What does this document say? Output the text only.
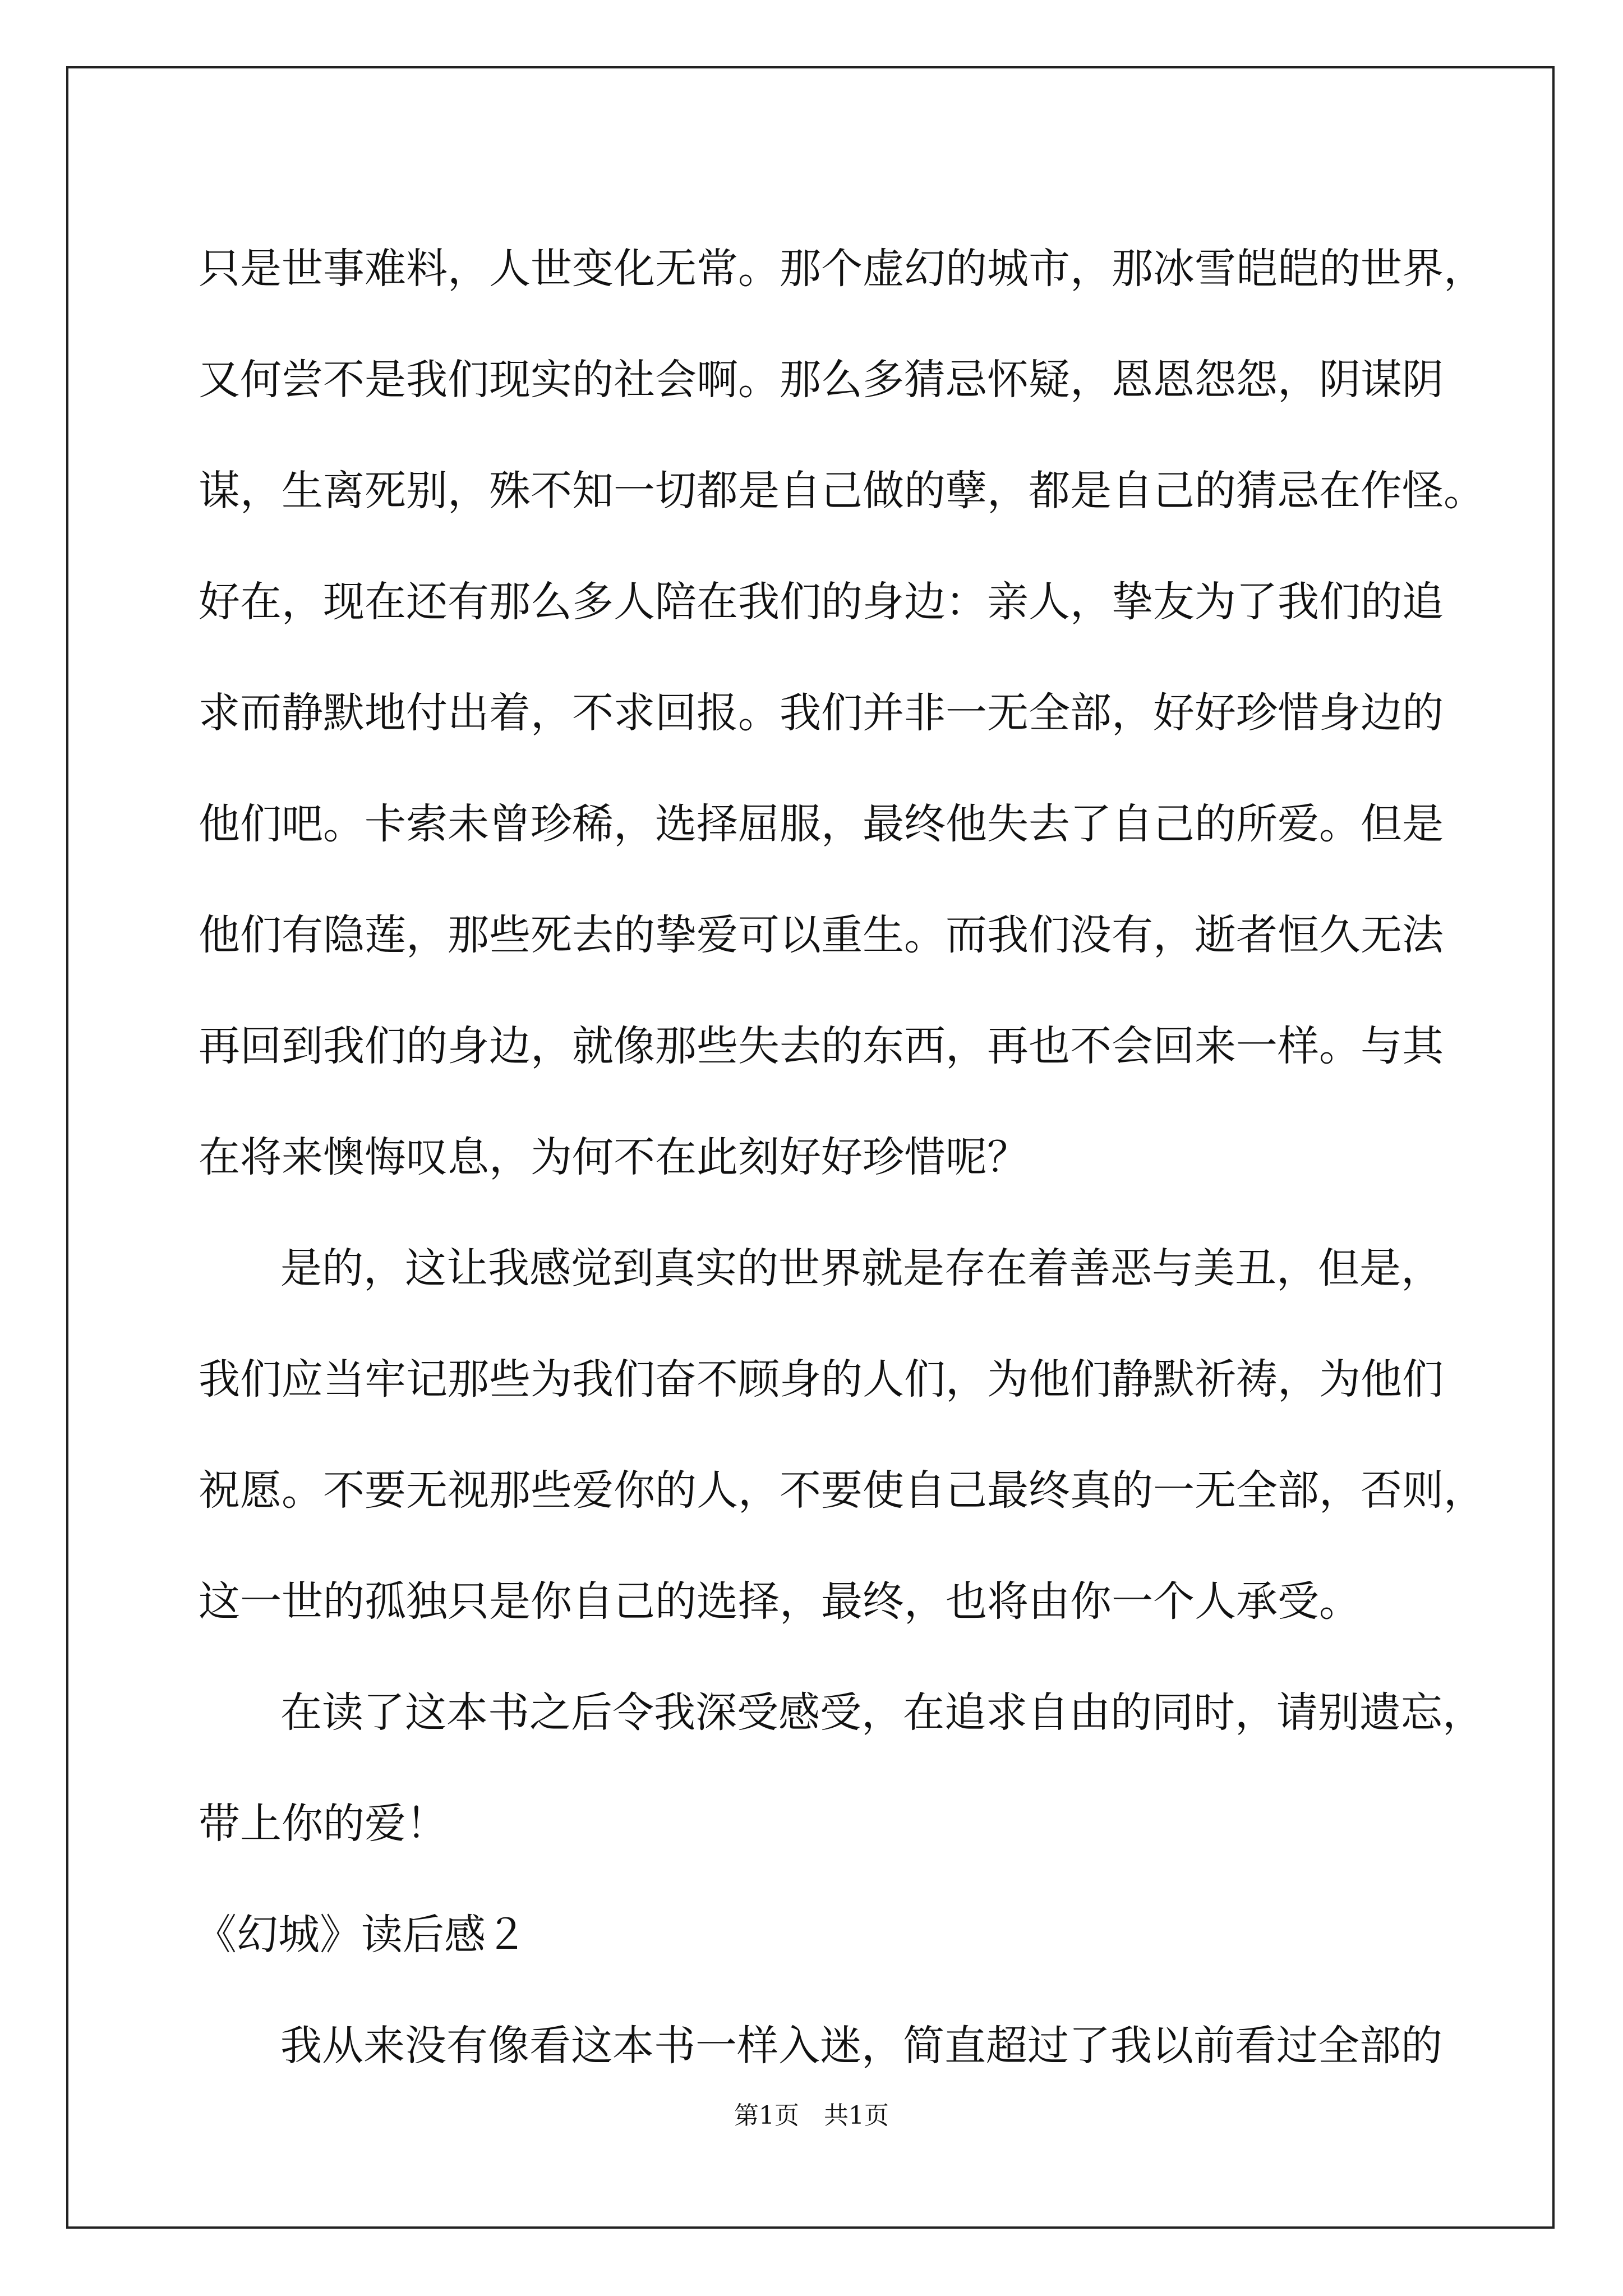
只是世事难料，人世变化无常。那个虚幻的城市，那冰雪皑皑的世界，
又何尝不是我们现实的社会啊。那么多猜忌怀疑，恩恩怨怨，阴谋阴
谋，生离死别，殊不知一切都是自己做的孽，都是自己的猜忌在作怪。
好在，现在还有那么多人陪在我们的身边：亲人，挚友为了我们的追
求而静默地付出着，不求回报。我们并非一无全部，好好珍惜身边的
他们吧。卡索未曾珍稀，选择屈服，最终他失去了自己的所爱。但是
他们有隐莲，那些死去的挚爱可以重生。而我们没有，逝者恒久无法
再回到我们的身边，就像那些失去的东西，再也不会回来一样。与其
在将来懊悔叹息，为何不在此刻好好珍惜呢？
是的，这让我感觉到真实的世界就是存在着善恶与美丑，但是，
我们应当牢记那些为我们奋不顾身的人们，为他们静默祈祷，为他们
祝愿。不要无视那些爱你的人，不要使自己最终真的一无全部，否则，
这一世的孤独只是你自己的选择，最终，也将由你一个人承受。
在读了这本书之后令我深受感受，在追求自由的同时，请别遗忘，
带上你的爱！
《幻城》读后感２
我从来没有像看这本书一样入迷，简直超过了我以前看过全部的
第1页　共1页
